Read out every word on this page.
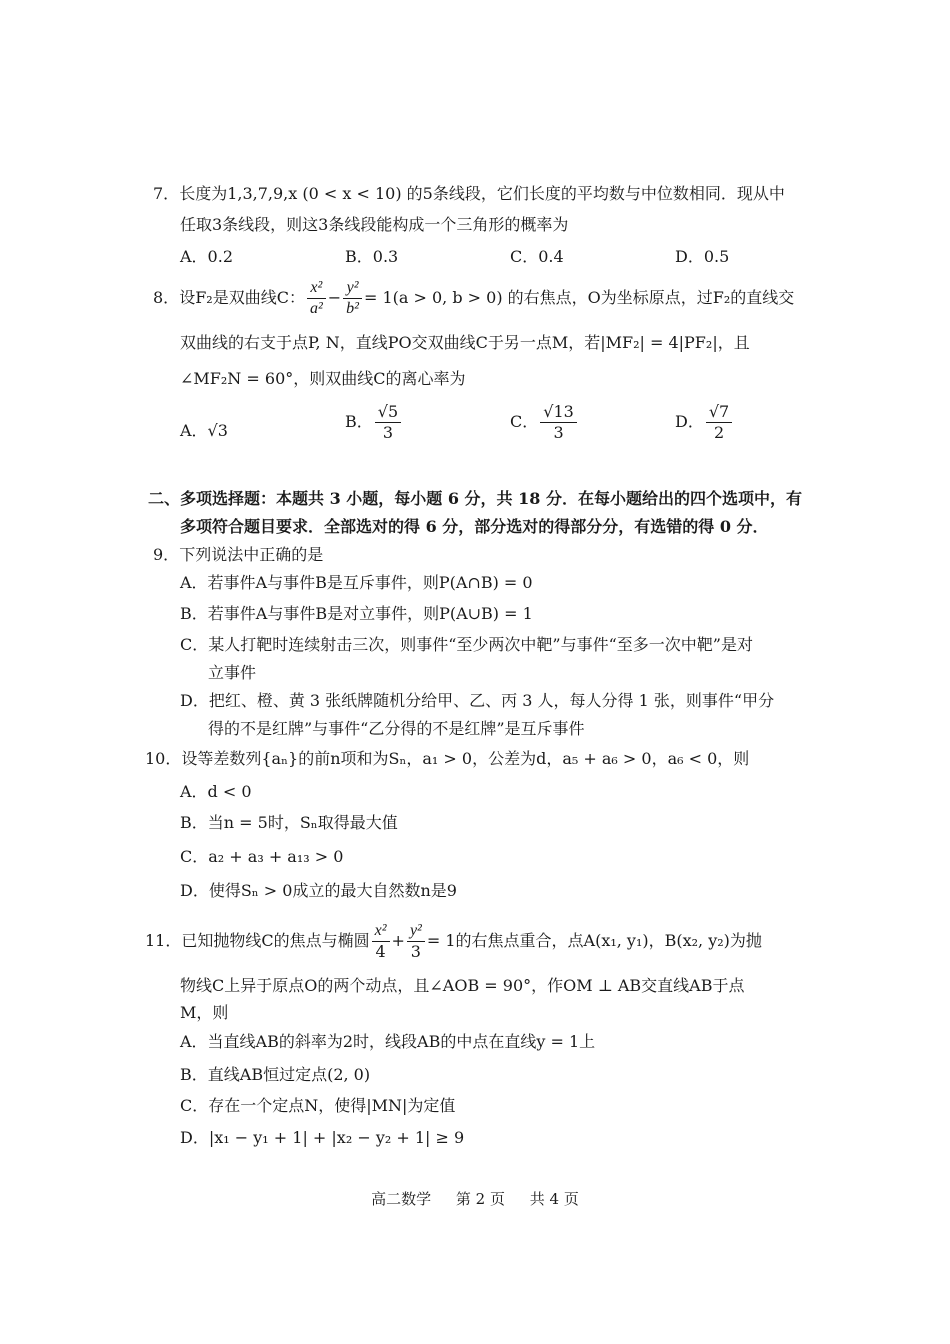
7．长度为1,3,7,9,x (0 < x < 10) 的5条线段，它们长度的平均数与中位数相同．现从中
任取3条线段，则这3条线段能构成一个三角形的概率为
A．0.2	B．0.3	C．0.4	D．0.5
8．设F₂是双曲线C： $\frac{\text{x²}}{\text{a²}} - \frac{\text{y²}}{\text{b²}} = 1(a > 0$, b > 0) 的右焦点，O为坐标原点，过F₂的直线交
双曲线的右支于点P, N，直线PO交双曲线C于另一点M，若|MF₂| = 4|PF₂|，且
∠MF₂N = 60°，则双曲线C的离心率为
A．√3	B． $\frac{√5}{3}$	C． $\frac{√13}{3}$	D． $\frac{√7}{2}$
二、多项选择题：本题共 3 小题，每小题 6 分，共 18 分．在每小题给出的四个选项中，有
多项符合题目要求．全部选对的得 6 分，部分选对的得部分分，有选错的得 0 分．
9．下列说法中正确的是
A．若事件A与事件B是互斥事件，则P(A∩B) = 0
B．若事件A与事件B是对立事件，则P(A∪B) = 1
C．某人打靶时连续射击三次，则事件“至少两次中靶”与事件“至多一次中靶”是对
立事件
D．把红、橙、黄 3 张纸牌随机分给甲、乙、丙 3 人，每人分得 1 张，则事件“甲分
得的不是红牌”与事件“乙分得的不是红牌”是互斥事件
10．设等差数列{aₙ}的前n项和为Sₙ，a₁ > 0，公差为d，a₅ + a₆ > 0，a₆ < 0，则
A．d < 0
B．当n = 5时，Sₙ取得最大值
C．a₂ + a₃ + a₁₃ > 0
D．使得Sₙ > 0成立的最大自然数n是9
11．已知抛物线C的焦点与椭圆 $\frac{\text{x²}}{4} + \frac{\text{y²}}{3} = 1$的右焦点重合，点A(x₁, y₁)，B(x₂, y₂)为抛
物线C上异于原点O的两个动点，且∠AOB = 90°，作OM ⊥ AB交直线AB于点
M，则
A．当直线AB的斜率为2时，线段AB的中点在直线y = 1上
B．直线AB恒过定点(2, 0)
C．存在一个定点N，使得|MN|为定值
D．|x₁ − y₁ + 1| + |x₂ − y₂ + 1| ≥ 9
高二数学 第 2 页 共 4 页
